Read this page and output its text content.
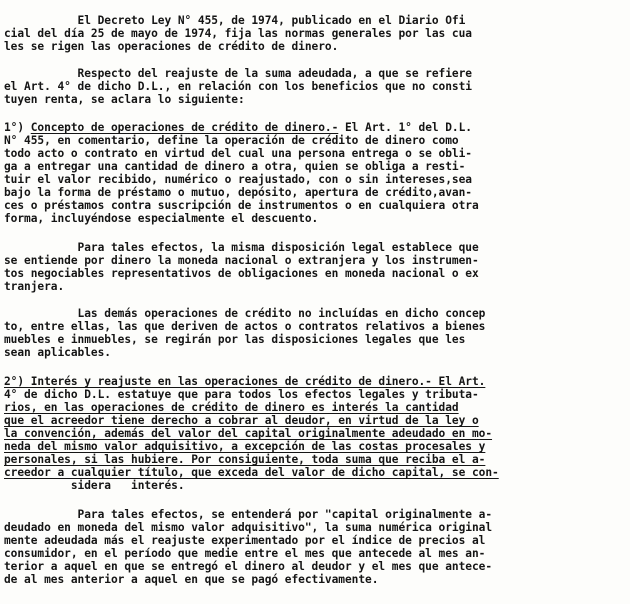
El Decreto Ley N° 455, de 1974, publicado en el Diario Ofi
cial del día 25 de mayo de 1974, fija las normas generales por las cua
les se rigen las operaciones de crédito de dinero.
Respecto del reajuste de la suma adeudada, a que se refiere
el Art. 4° de dicho D.L., en relación con los beneficios que no consti
tuyen renta, se aclara lo siguiente:
1°) Concepto de operaciones de crédito de dinero.- El Art. 1° del D.L.
N° 455, en comentario, define la operación de crédito de dinero como
todo acto o contrato en virtud del cual una persona entrega o se obli-
ga a entregar una cantidad de dinero a otra, quien se obliga a resti-
tuir el valor recibido, numérico o reajustado, con o sin intereses,sea
bajo la forma de préstamo o mutuo, depósito, apertura de crédito,avan-
ces o préstamos contra suscripción de instrumentos o en cualquiera otra
forma, incluyéndose especialmente el descuento.
Para tales efectos, la misma disposición legal establece que
se entiende por dinero la moneda nacional o extranjera y los instrumen-
tos negociables representativos de obligaciones en moneda nacional o ex
tranjera.
Las demás operaciones de crédito no incluídas en dicho concep
to, entre ellas, las que deriven de actos o contratos relativos a bienes
muebles e inmuebles, se regirán por las disposiciones legales que les
sean aplicables.
2°) Interés y reajuste en las operaciones de crédito de dinero.- El Art.
4° de dicho D.L. estatuye que para todos los efectos legales y tributa-
rios, en las operaciones de crédito de dinero es interés la cantidad
que el acreedor tiene derecho a cobrar al deudor, en virtud de la ley o
la convención, además del valor del capital originalmente adeudado en mo-
neda del mismo valor adquisitivo, a excepción de las costas procesales y
personales, si las hubiere. Por consiguiente, toda suma que reciba el a-
creedor a cualquier título, que exceda del valor de dicho capital, se con-
sidera   interés.
Para tales efectos, se entenderá por "capital originalmente a-
deudado en moneda del mismo valor adquisitivo", la suma numérica original
mente adeudada más el reajuste experimentado por el índice de precios al
consumidor, en el período que medie entre el mes que antecede al mes an-
terior a aquel en que se entregó el dinero al deudor y el mes que antece-
de al mes anterior a aquel en que se pagó efectivamente.
